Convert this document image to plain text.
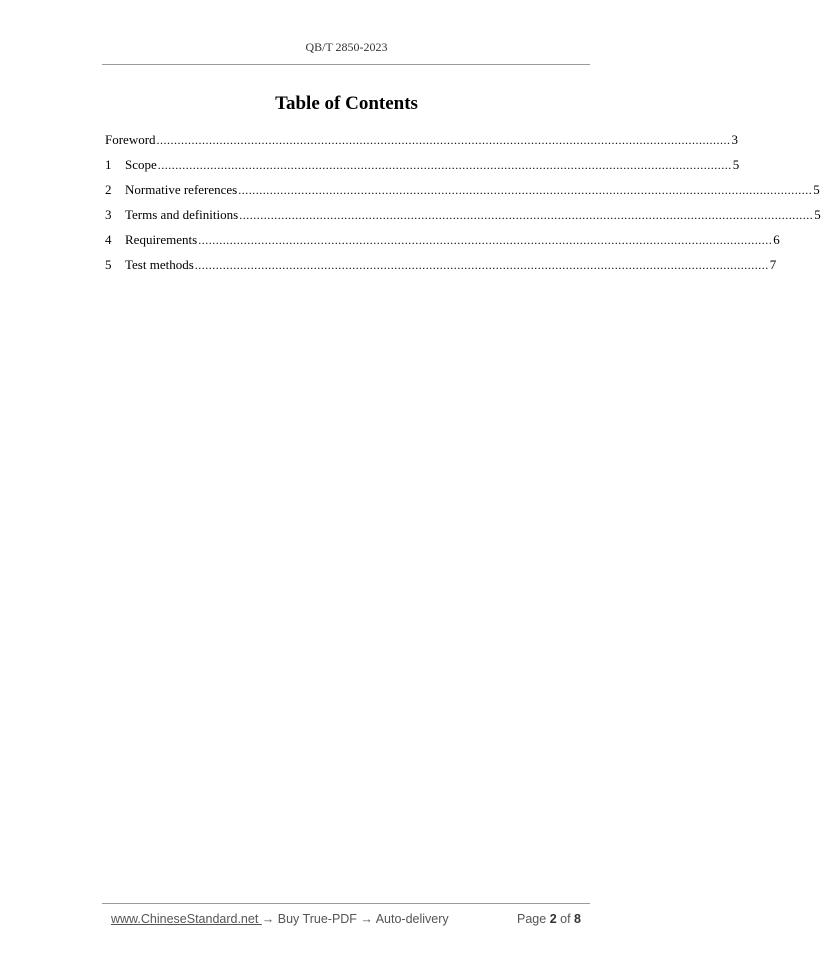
QB/T 2850-2023
Table of Contents
Foreword .................................................................................................................................................................... 3
1	Scope .................................................................................................................................................................... 5
2	Normative references .................................................................................................................................................................... 5
3	Terms and definitions .................................................................................................................................................................... 5
4	Requirements .................................................................................................................................................................... 6
5	Test methods .................................................................................................................................................................... 7
www.ChineseStandard.net → Buy True-PDF → Auto-delivery	Page 2 of 8
